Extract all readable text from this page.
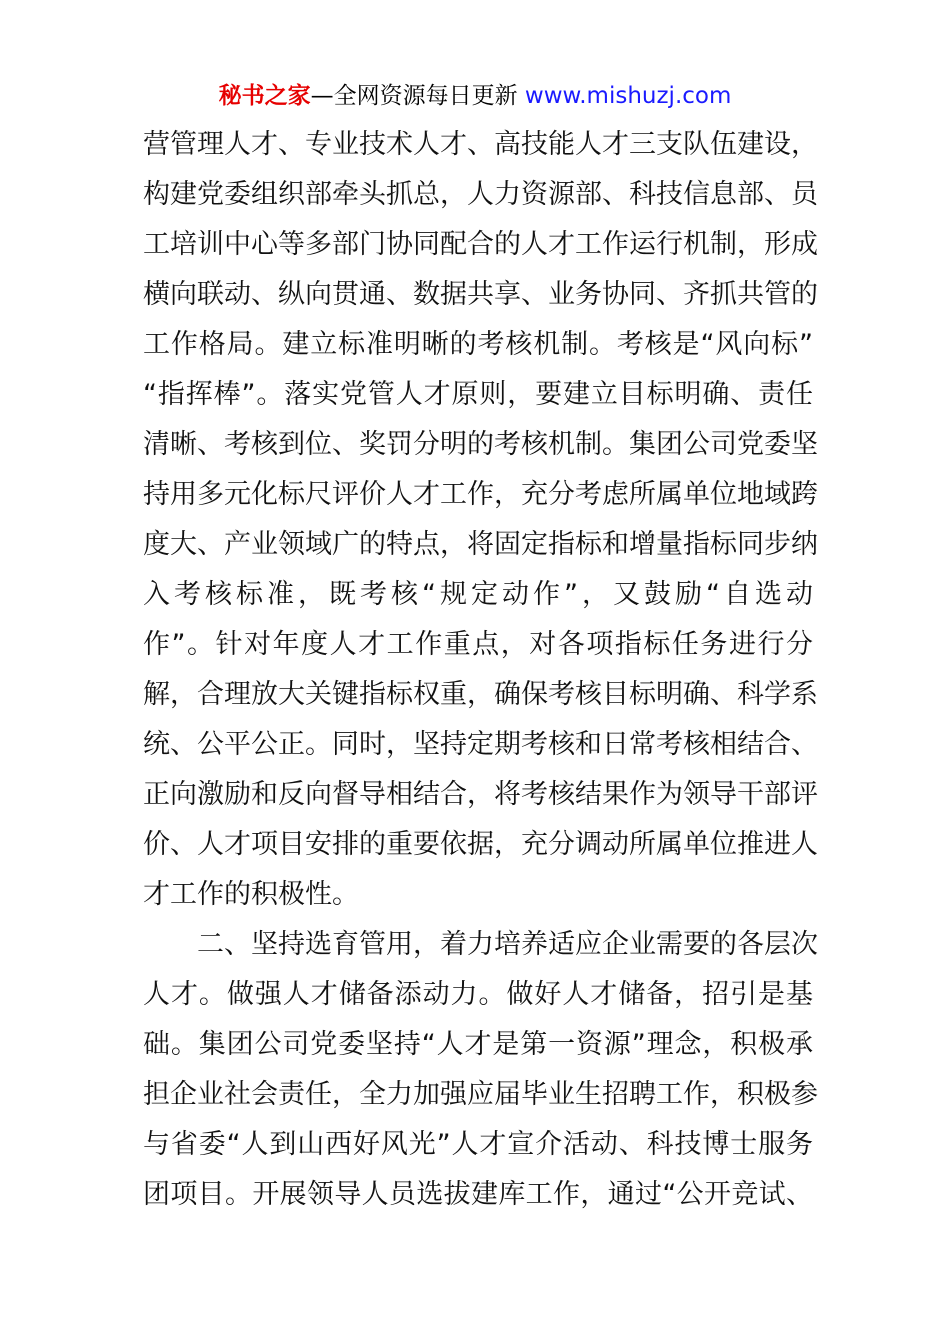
秘书之家—全网资源每日更新 www.mishuzj.com
营管理人才、专业技术人才、高技能人才三支队伍建设，
构建党委组织部牵头抓总，人力资源部、科技信息部、员
工培训中心等多部门协同配合的人才工作运行机制，形成
横向联动、纵向贯通、数据共享、业务协同、齐抓共管的
工作格局。建立标准明晰的考核机制。考核是“风向标”
“指挥棒”。落实党管人才原则，要建立目标明确、责任
清晰、考核到位、奖罚分明的考核机制。集团公司党委坚
持用多元化标尺评价人才工作，充分考虑所属单位地域跨
度大、产业领域广的特点，将固定指标和增量指标同步纳
入考核标准，既考核“规定动作”，又鼓励“自选动
作”。针对年度人才工作重点，对各项指标任务进行分
解，合理放大关键指标权重，确保考核目标明确、科学系
统、公平公正。同时，坚持定期考核和日常考核相结合、
正向激励和反向督导相结合，将考核结果作为领导干部评
价、人才项目安排的重要依据，充分调动所属单位推进人
才工作的积极性。
二、坚持选育管用，着力培养适应企业需要的各层次
人才。做强人才储备添动力。做好人才储备，招引是基
础。集团公司党委坚持“人才是第一资源”理念，积极承
担企业社会责任，全力加强应届毕业生招聘工作，积极参
与省委“人到山西好风光”人才宣介活动、科技博士服务
团项目。开展领导人员选拔建库工作，通过“公开竞试、
